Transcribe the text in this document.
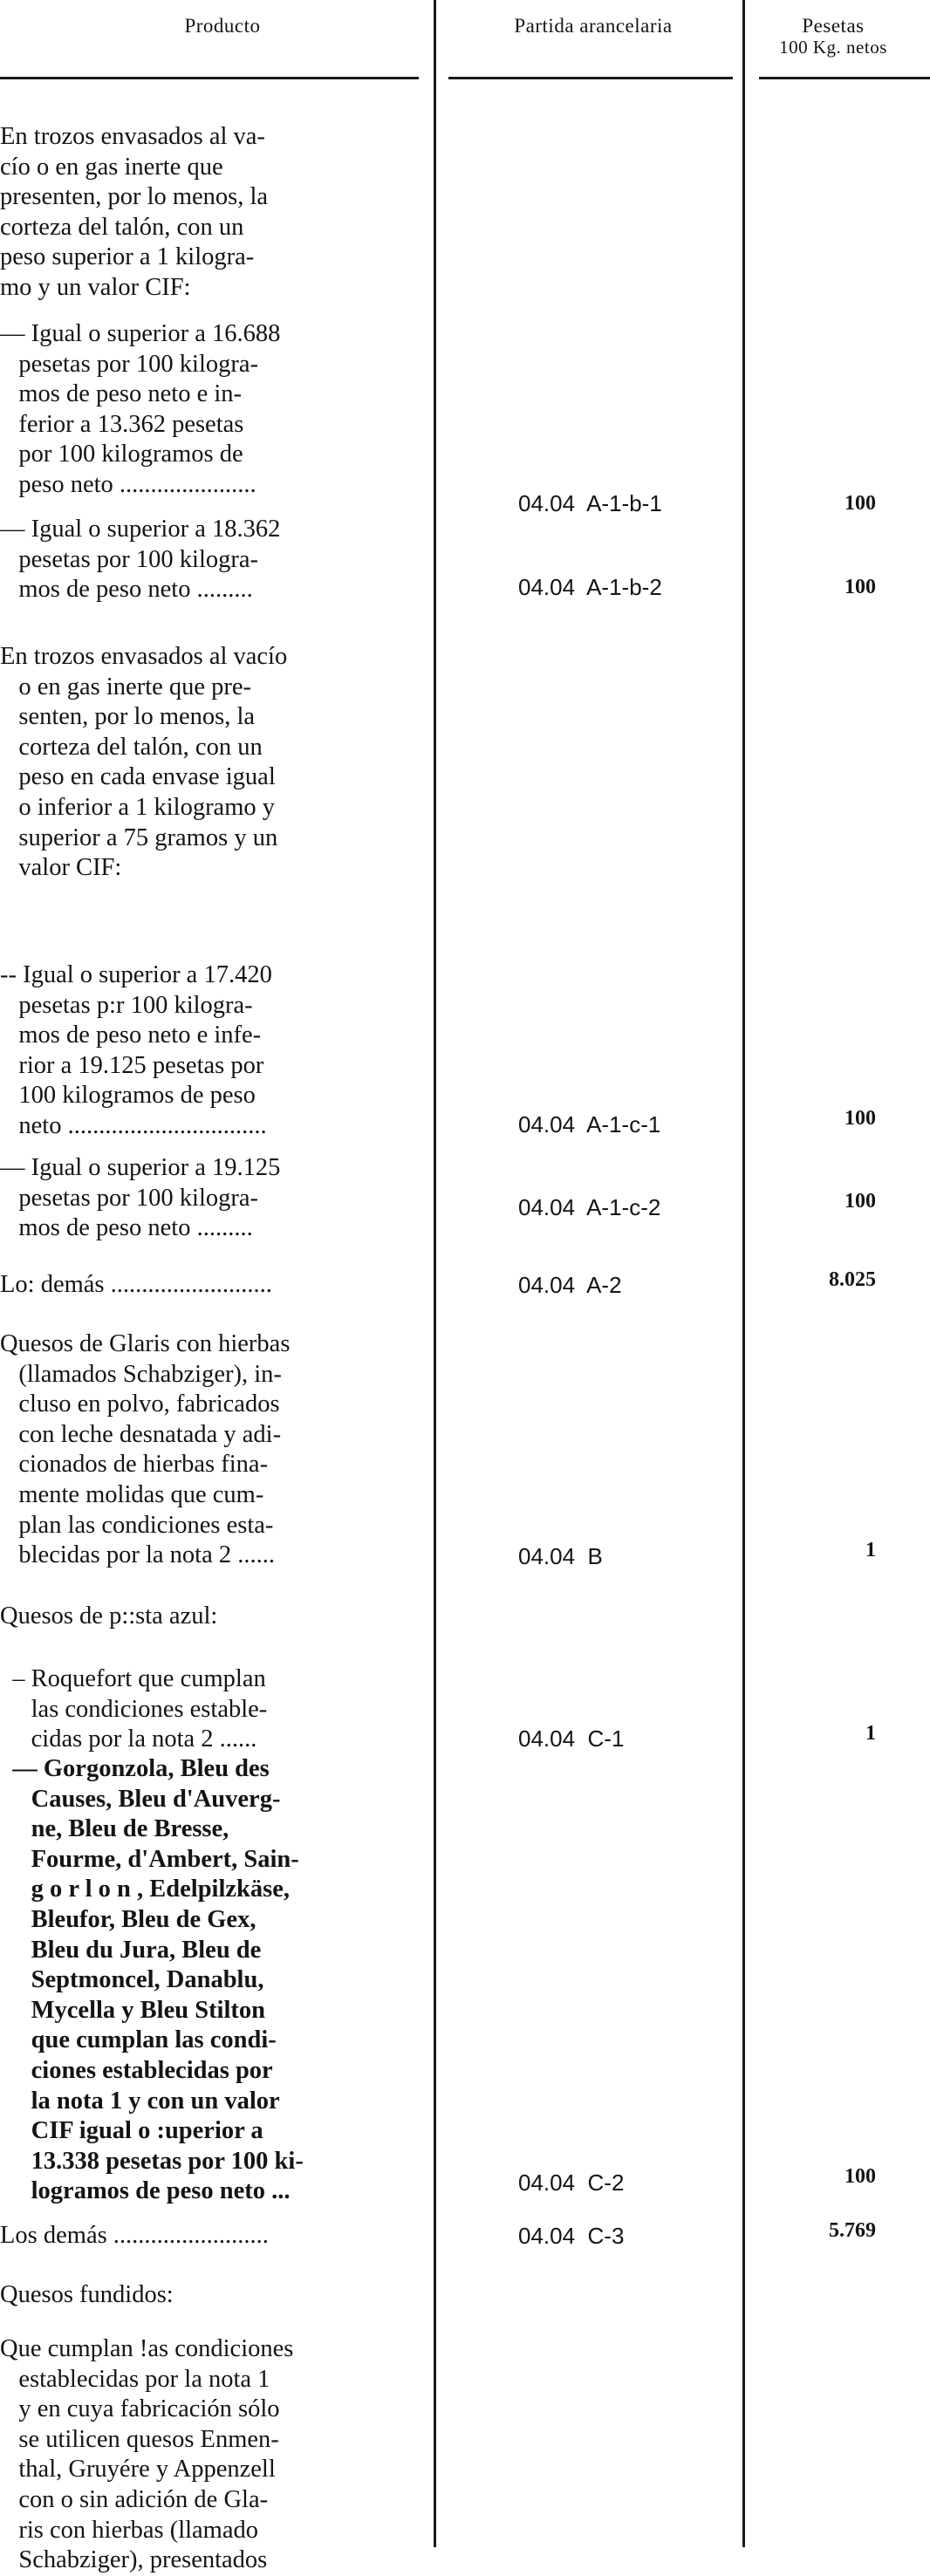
Producto	Partida arancelaria	Pesetas
100 Kg. netos
En trozos envasados al va-
cío o en gas inerte que
presenten, por lo menos, la
corteza del talón, con un
peso superior a 1 kilogra-
mo y un valor CIF:
— Igual o superior a 16.688
pesetas por 100 kilogra-
mos de peso neto e in-
ferior a 13.362 pesetas
por 100 kilogramos de
peso neto ......................
— Igual o superior a 18.362
pesetas por 100 kilogra-
mos de peso neto .........
En trozos envasados al vacío
o en gas inerte que pre-
senten, por lo menos, la
corteza del talón, con un
peso en cada envase igual
o inferior a 1 kilogramo y
superior a 75 gramos y un
valor CIF:
-- Igual o superior a 17.420
pesetas p:r 100 kilogra-
mos de peso neto e infe-
rior a 19.125 pesetas por
100 kilogramos de peso
neto ................................
— Igual o superior a 19.125
pesetas por 100 kilogra-
mos de peso neto .........
Lo: demás ..........................
Quesos de Glaris con hierbas
(llamados Schabziger), in-
cluso en polvo, fabricados
con leche desnatada y adi-
cionados de hierbas fina-
mente molidas que cum-
plan las condiciones esta-
blecidas por la nota 2 ......
Quesos de p::sta azul:
– Roquefort que cumplan
las condiciones estable-
cidas por la nota 2 ......
— Gorgonzola, Bleu des
Causes, Bleu d'Auverg-
ne, Bleu de Bresse,
Fourme, d'Ambert, Sain-
g o r l o n , Edelpilzkäse,
Bleufor, Bleu de Gex,
Bleu du Jura, Bleu de
Septmoncel, Danablu,
Mycella y Bleu Stilton
que cumplan las condi-
ciones establecidas por
la nota 1 y con un valor
CIF igual o :uperior a
13.338 pesetas por 100 ki-
logramos de peso neto ...
Los demás .........................
Quesos fundidos:
Que cumplan !as condiciones
establecidas por la nota 1
y en cuya fabricación sólo
se utilicen quesos Enmen-
thal, Gruyére y Appenzell
con o sin adición de Gla-
ris con hierbas (llamado
Schabziger), presentados
04.04  A-1-b-1
04.04  A-1-b-2
04.04  A-1-c-1
04.04  A-1-c-2
04.04  A-2
04.04  B
04.04  C-1
04.04  C-2
04.04  C-3
100
100
100
100
8.025
1
1
100
5.769
